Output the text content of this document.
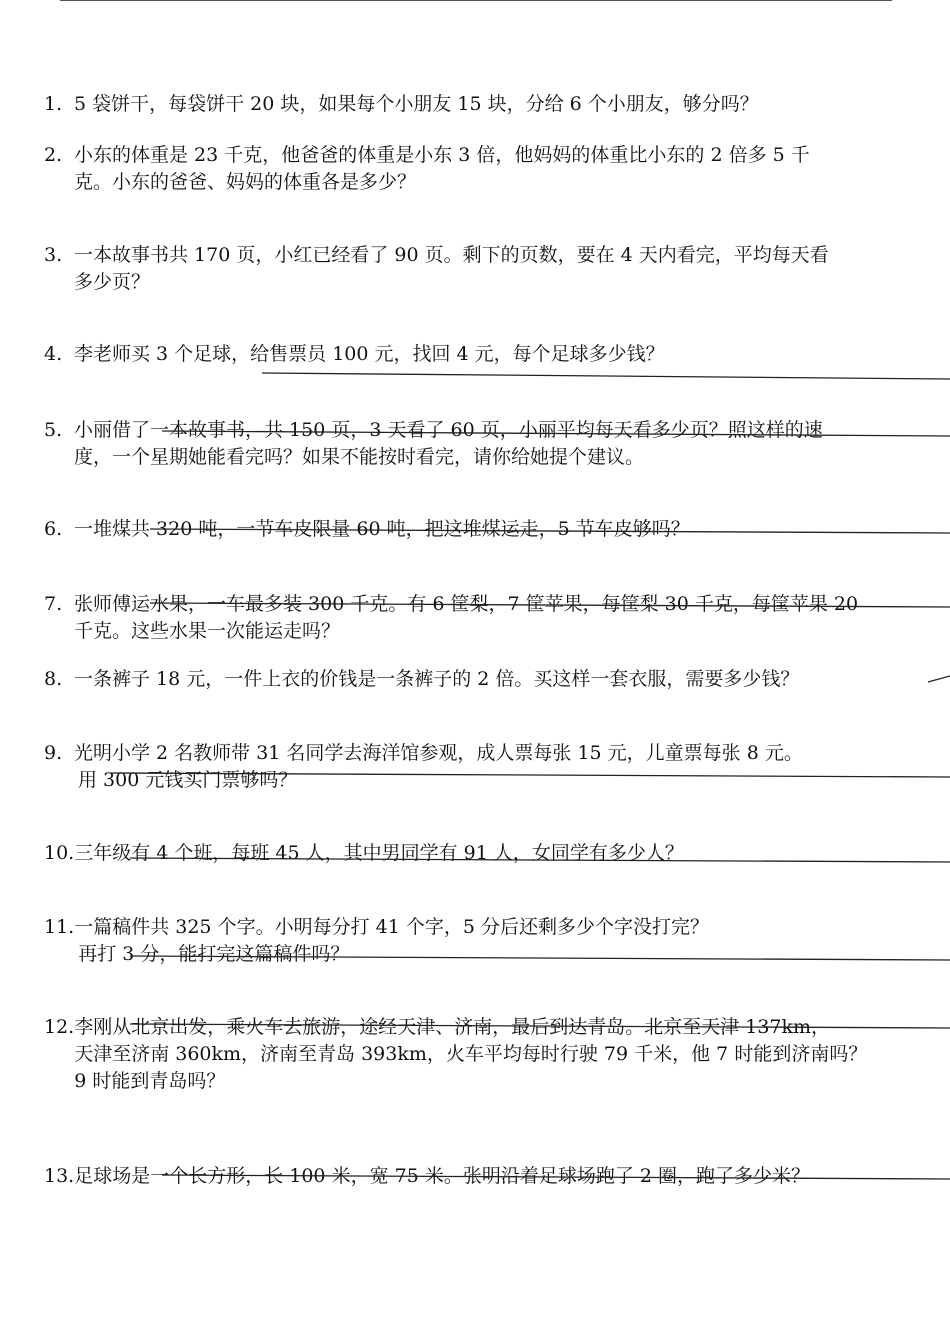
1. 5 袋饼干，每袋饼干 20 块，如果每个小朋友 15 块，分给 6 个小朋友，够分吗？
2. 小东的体重是 23 千克，他爸爸的体重是小东 3 倍，他妈妈的体重比小东的 2 倍多 5 千
克。小东的爸爸、妈妈的体重各是多少？
3. 一本故事书共 170 页，小红已经看了 90 页。剩下的页数，要在 4 天内看完，平均每天看
多少页？
4. 李老师买 3 个足球，给售票员 100 元，找回 4 元，每个足球多少钱？
5. 小丽借了一本故事书，共 150 页，3 天看了 60 页，小丽平均每天看多少页？照这样的速
度，一个星期她能看完吗？如果不能按时看完，请你给她提个建议。
6. 一堆煤共 320 吨，一节车皮限量 60 吨，把这堆煤运走，5 节车皮够吗？
7. 张师傅运水果，一车最多装 300 千克。有 6 筐梨，7 筐苹果，每筐梨 30 千克，每筐苹果 20
千克。这些水果一次能运走吗？
8. 一条裤子 18 元，一件上衣的价钱是一条裤子的 2 倍。买这样一套衣服，需要多少钱？
9. 光明小学 2 名教师带 31 名同学去海洋馆参观，成人票每张 15 元，儿童票每张 8 元。
用 300 元钱买门票够吗？
10. 三年级有 4 个班，每班 45 人，其中男同学有 91 人，女同学有多少人？
11. 一篇稿件共 325 个字。小明每分打 41 个字，5 分后还剩多少个字没打完？
再打 3 分，能打完这篇稿件吗？
12. 李刚从北京出发，乘火车去旅游，途经天津、济南，最后到达青岛。北京至天津 137km，
天津至济南 360km，济南至青岛 393km，火车平均每时行驶 79 千米，他 7 时能到济南吗？
9 时能到青岛吗？
13. 足球场是一个长方形，长 100 米，宽 75 米。张明沿着足球场跑了 2 圈，跑了多少米？
